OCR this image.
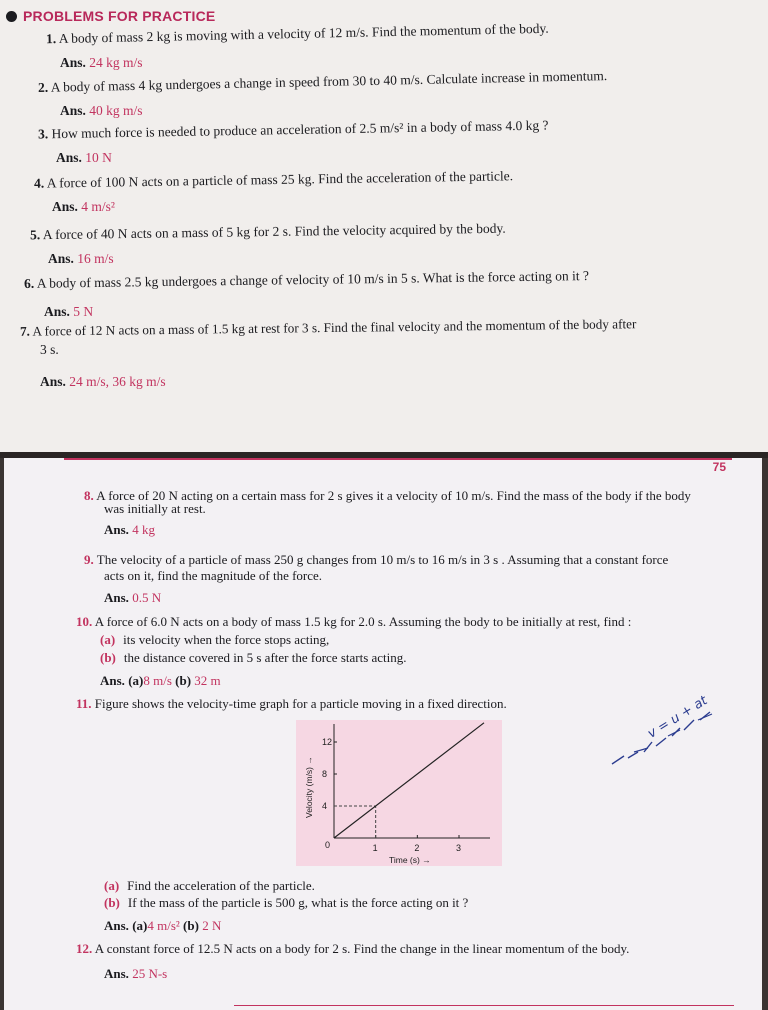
PROBLEMS FOR PRACTICE
1. A body of mass 2 kg is moving with a velocity of 12 m/s. Find the momentum of the body.
Ans. 24 kg m/s
2. A body of mass 4 kg undergoes a change in speed from 30 to 40 m/s. Calculate increase in momentum.
Ans. 40 kg m/s
3. How much force is needed to produce an acceleration of 2.5 m/s² in a body of mass 4.0 kg ?
Ans. 10 N
4. A force of 100 N acts on a particle of mass 25 kg. Find the acceleration of the particle.
Ans. 4 m/s²
5. A force of 40 N acts on a mass of 5 kg for 2 s. Find the velocity acquired by the body.
Ans. 16 m/s
6. A body of mass 2.5 kg undergoes a change of velocity of 10 m/s in 5 s. What is the force acting on it ?
Ans. 5 N
7. A force of 12 N acts on a mass of 1.5 kg at rest for 3 s. Find the final velocity and the momentum of the body after
3 s.
Ans. 24 m/s, 36 kg m/s
75
8. A force of 20 N acting on a certain mass for 2 s gives it a velocity of 10 m/s. Find the mass of the body if the body
was initially at rest.
Ans. 4 kg
9. The velocity of a particle of mass 250 g changes from 10 m/s to 16 m/s in 3 s . Assuming that a constant force
acts on it, find the magnitude of the force.
Ans. 0.5 N
10. A force of 6.0 N acts on a body of mass 1.5 kg for 2.0 s. Assuming the body to be initially at rest, find :
(a) its velocity when the force stops acting,
(b) the distance covered in 5 s after the force starts acting.
Ans. (a)8 m/s (b) 32 m
11. Figure shows the velocity-time graph for a particle moving in a fixed direction.
1	2	3
4
8
12
0
Time (s) →
Velocity (m/s) →
v = u + at
(a) Find the acceleration of the particle.
(b) If the mass of the particle is 500 g, what is the force acting on it ?
Ans. (a)4 m/s² (b) 2 N
12. A constant force of 12.5 N acts on a body for 2 s. Find the change in the linear momentum of the body.
Ans. 25 N-s
